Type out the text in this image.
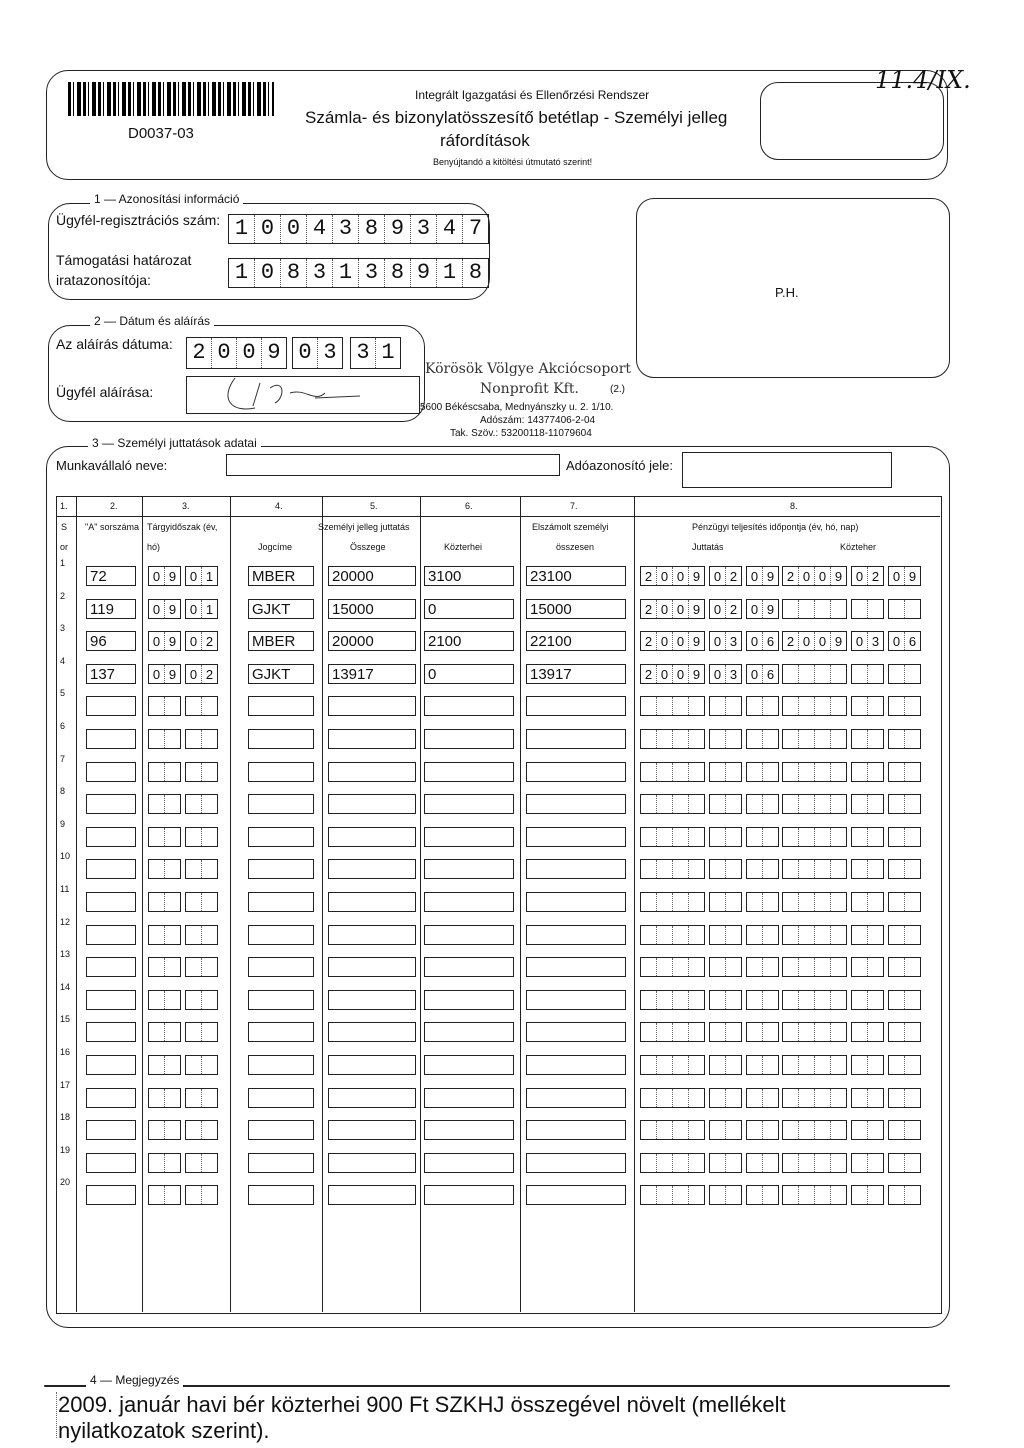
D0037-03
Integrált Igazgatási és Ellenőrzési Rendszer
Számla- és bizonylatösszesítő betétlap - Személyi jelleg
ráfordítások
Benyújtandó a kitöltési útmutató szerint!
11.4/IX.
1 — Azonosítási információ
Ügyfél-regisztrációs szám: 1 0 0 4 3 8 9 3 4 7
Támogatási határozat
iratazonosítója:	1 0 8 3 1 3 8 9 1 8
P.H.
2 — Dátum és aláírás
Az aláírás dátuma: 2 0 0 9 0 3 3 1
Ügyfél aláírása:
Körösök Völgye Akciócsoport
Nonprofit Kft.	(2.)
5600 Békéscsaba, Mednyánszky u. 2. 1/10.
Adószám: 14377406-2-04
Tak. Szöv.: 53200118-11079604
3 — Személyi juttatások adatai
Munkavállaló neve:	Adóazonosító jele:
1.	2.	3.	4.	5.	6.	7.	8.
S
or
"A" sorszáma Tárgyidőszak (év,
hó)
Személyi jelleg juttatás
Jogcíme	Összege	Közterhei
Elszámolt személyi
összesen
Pénzügyi teljesítés időpontja (év, hó, nap)
Juttatás	Közteher
1
72	0 9 0 1	MBER	20000	3100	23100	2 0 0 9 0 2 0 9 2 0 0 9 0 2 0 9
2
119	0 9 0 1	GJKT	15000	0	15000	2 0 0 9 0 2 0 9
3
96	0 9 0 2	MBER	20000	2100	22100	2 0 0 9 0 3 0 6 2 0 0 9 0 3 0 6
4
137	0 9 0 2	GJKT	13917	0	13917	2 0 0 9 0 3 0 6
5
6
7
8
9
10
11
12
13
14
15
16
17
18
19
20
4 — Megjegyzés
2009. január havi bér közterhei 900 Ft SZKHJ összegével növelt (mellékelt
nyilatkozatok szerint).
